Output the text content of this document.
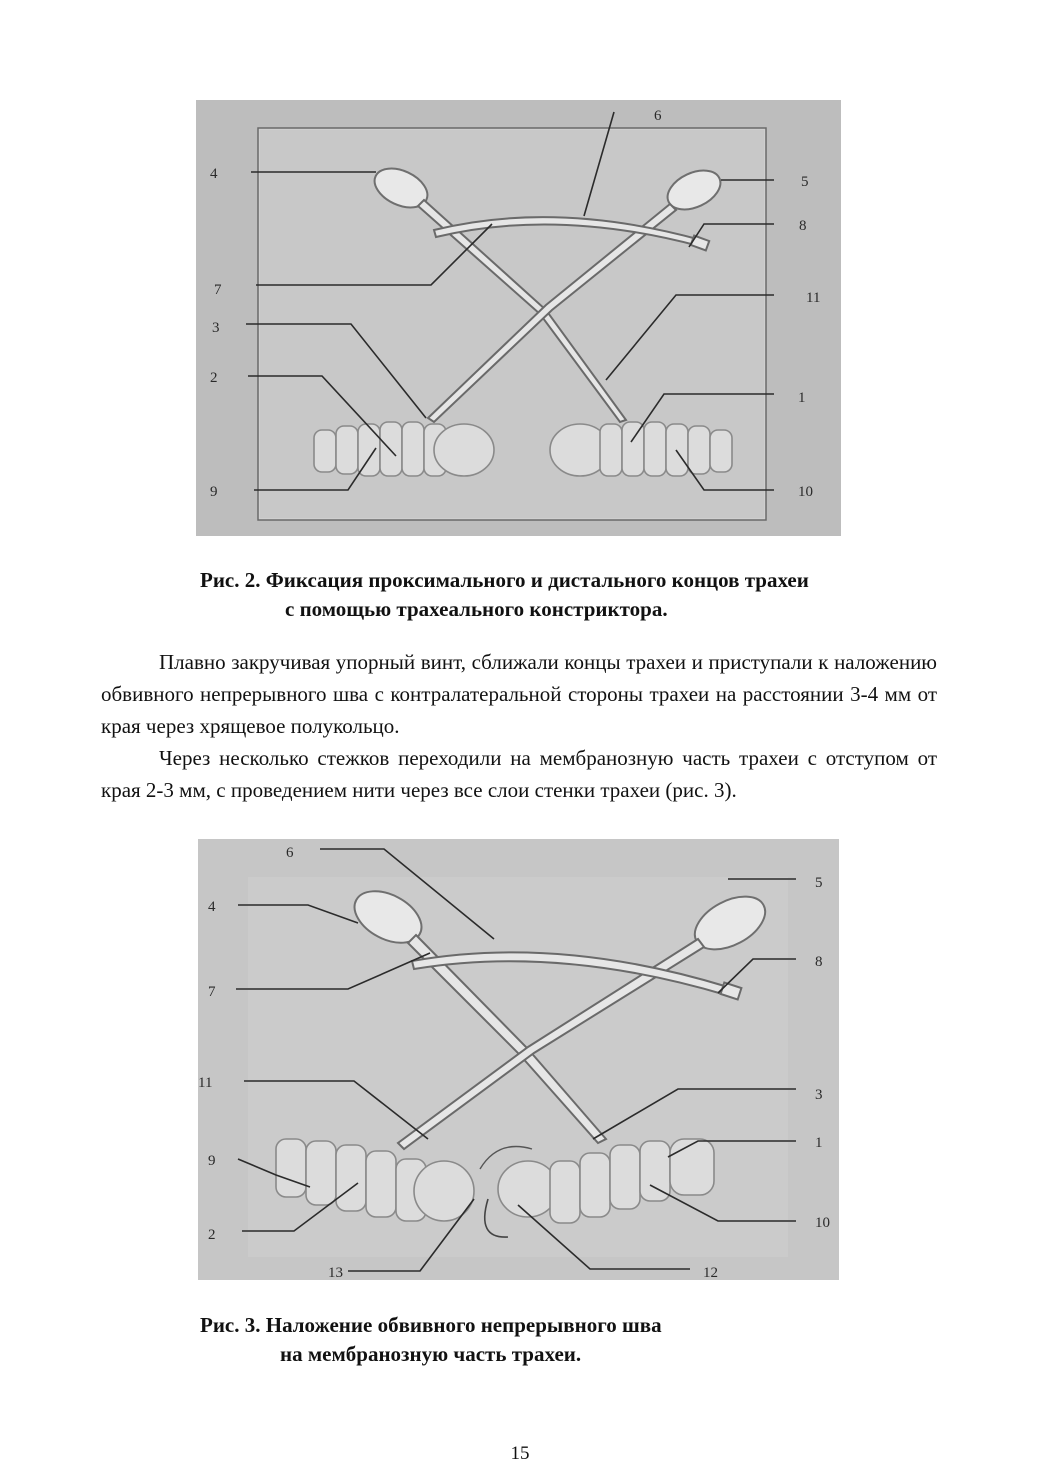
6
4	5
8
7	11
3
2
1
9	10
Рис. 2. Фиксация проксимального и дистального концов трахеи
с помощью трахеального констриктора.

Плавно закручивая упорный винт, сближали концы трахеи и приступали к наложению обвивного непрерывного шва с контралатеральной стороны трахеи на расстоянии 3-4 мм от края через хрящевое полукольцо.

Через несколько стежков переходили на мембранозную часть трахеи с отступом от края 2-3 мм, с проведением нити через все слои стенки трахеи (рис. 3).

6
4
5
8
7
11
3
1
9
10
2
13	12
Рис. 3. Наложение обвивного непрерывного шва
на мембранозную часть трахеи.
15
